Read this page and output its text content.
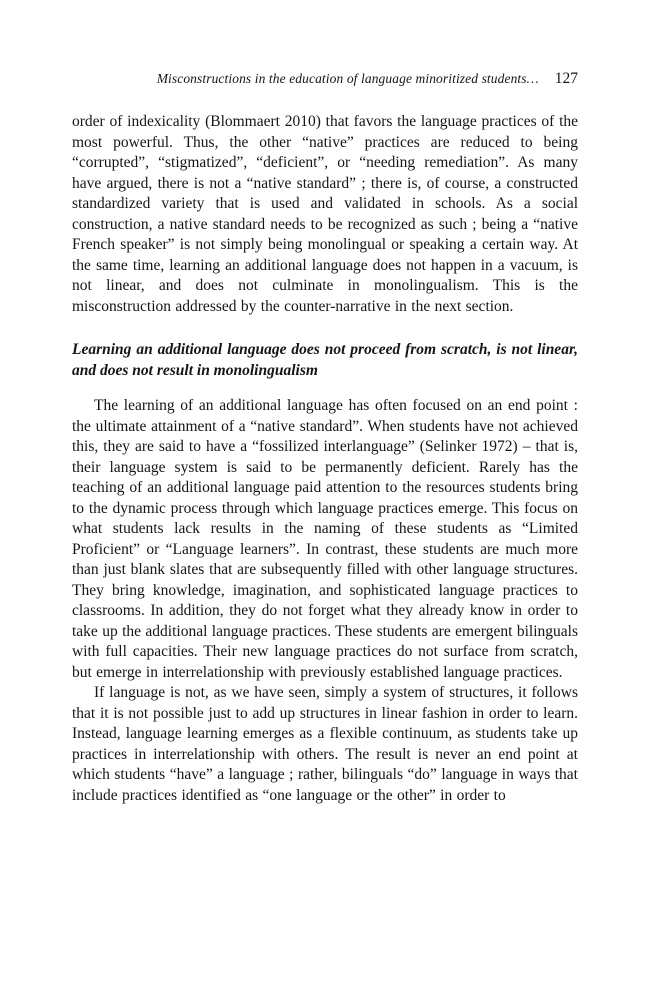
Misconstructions in the education of language minoritized students… 127

order of indexicality (Blommaert 2010) that favors the language practices of the most powerful. Thus, the other “native” practices are reduced to being “corrupted”, “stigmatized”, “deficient”, or “needing remediation”. As many have argued, there is not a “native standard” ; there is, of course, a constructed standardized variety that is used and validated in schools. As a social construction, a native standard needs to be recognized as such ; being a “native French speaker” is not simply being monolingual or speaking a certain way. At the same time, learning an additional language does not happen in a vacuum, is not linear, and does not culminate in monolingualism. This is the misconstruction addressed by the counter-narrative in the next section.

Learning an additional language does not proceed from scratch, is not linear, and does not result in monolingualism

The learning of an additional language has often focused on an end point : the ultimate attainment of a “native standard”. When students have not achieved this, they are said to have a “fossilized interlanguage” (Selinker 1972) – that is, their language system is said to be permanently deficient. Rarely has the teaching of an additional language paid attention to the resources students bring to the dynamic process through which language practices emerge. This focus on what students lack results in the naming of these students as “Limited Proficient” or “Language learners”. In contrast, these students are much more than just blank slates that are subsequently filled with other language structures. They bring knowledge, imagination, and sophisticated language practices to classrooms. In addition, they do not forget what they already know in order to take up the additional language practices. These students are emergent bilinguals with full capacities. Their new language practices do not surface from scratch, but emerge in interrelationship with previously established language practices.

If language is not, as we have seen, simply a system of structures, it follows that it is not possible just to add up structures in linear fashion in order to learn. Instead, language learning emerges as a flexible continuum, as students take up practices in interrelationship with others. The result is never an end point at which students “have” a language ; rather, bilinguals “do” language in ways that include practices identified as “one language or the other” in order to
